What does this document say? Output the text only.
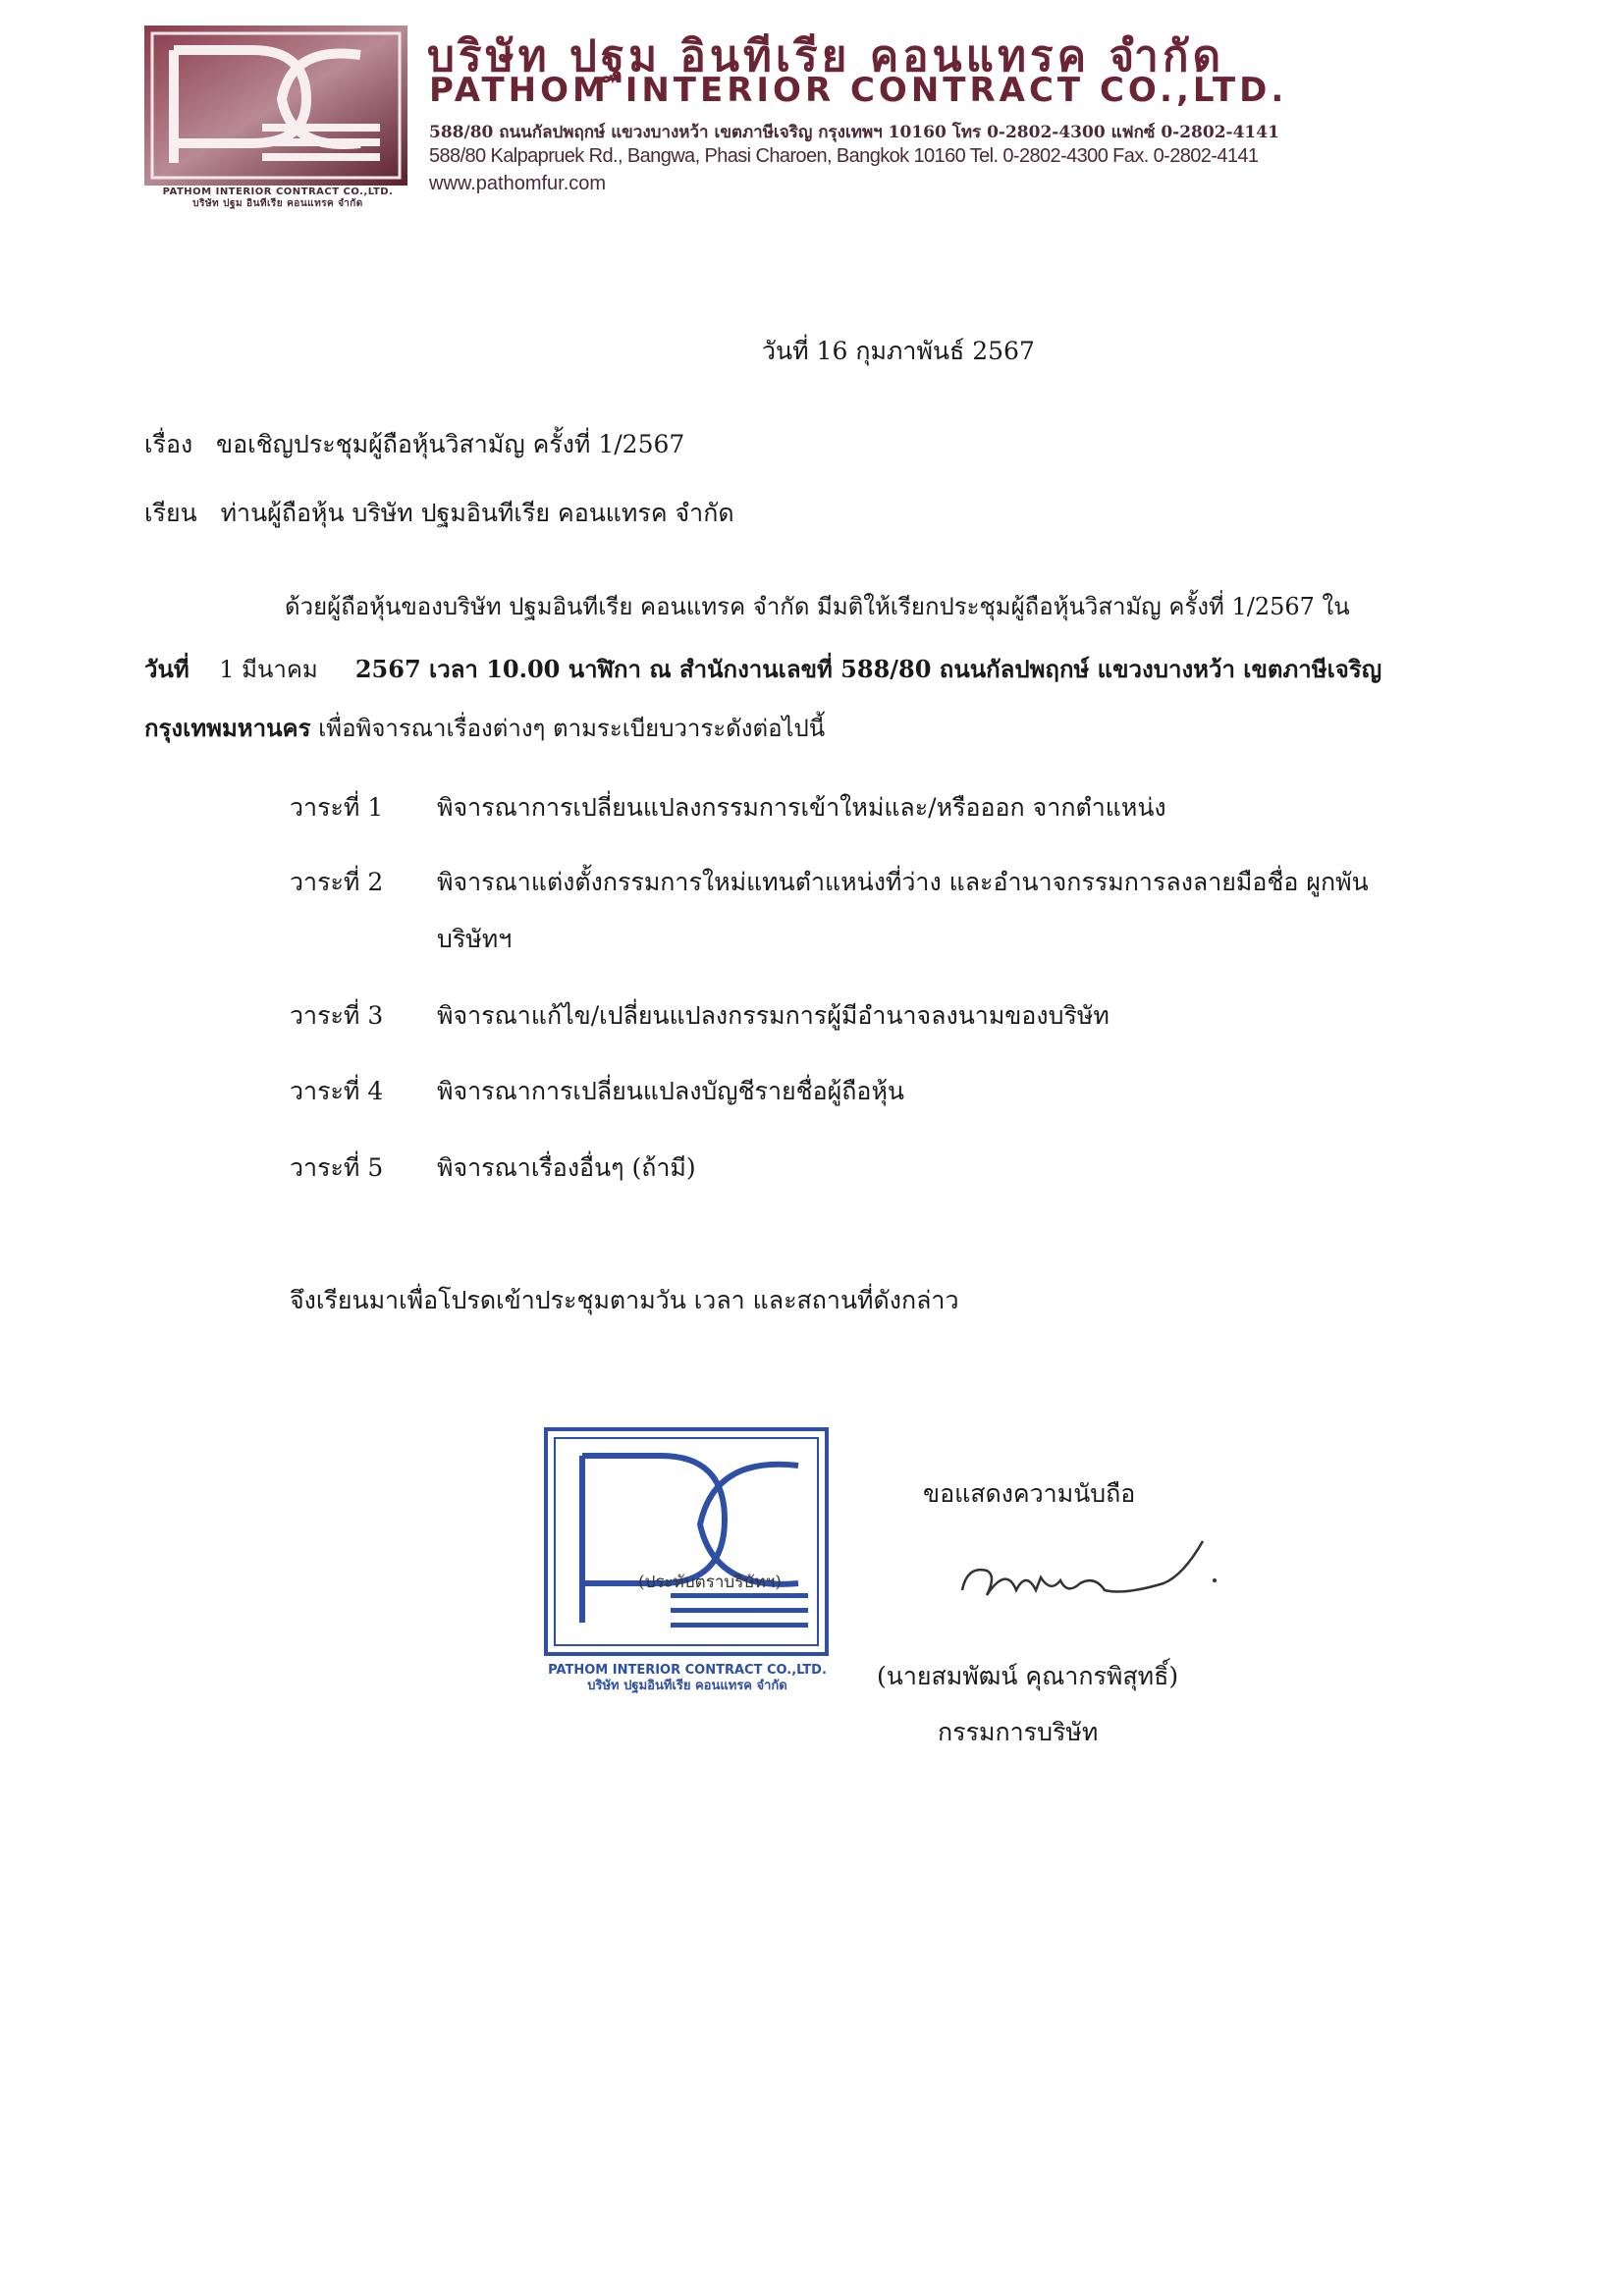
PATHOM INTERIOR CONTRACT CO.,LTD.
บริษัท ปฐม อินทีเรีย คอนแทรค จำกัด
บริษัท ปฐม อินทีเรีย คอนแทรค จำกัด
PATHOM INTERIOR CONTRACT CO.,LTD.
588/80 ถนนกัลปพฤกษ์ แขวงบางหว้า เขตภาษีเจริญ กรุงเทพฯ 10160 โทร 0-2802-4300 แฟกซ์ 0-2802-4141
588/80 Kalpapruek Rd., Bangwa, Phasi Charoen, Bangkok 10160 Tel. 0-2802-4300 Fax. 0-2802-4141
www.pathomfur.com
วันที่ 16 กุมภาพันธ์ 2567
เรื่อง ขอเชิญประชุมผู้ถือหุ้นวิสามัญ ครั้งที่ 1/2567
เรียน ท่านผู้ถือหุ้น บริษัท ปฐมอินทีเรีย คอนแทรค จำกัด
ด้วยผู้ถือหุ้นของบริษัท ปฐมอินทีเรีย คอนแทรค จำกัด มีมติให้เรียกประชุมผู้ถือหุ้นวิสามัญ ครั้งที่ 1/2567 ใน
วันที่ 1 มีนาคม 2567 เวลา 10.00 นาฬิกา ณ สำนักงานเลขที่ 588/80 ถนนกัลปพฤกษ์ แขวงบางหว้า เขตภาษีเจริญ
กรุงเทพมหานคร เพื่อพิจารณาเรื่องต่างๆ ตามระเบียบวาระดังต่อไปนี้
วาระที่ 1 พิจารณาการเปลี่ยนแปลงกรรมการเข้าใหม่และ/หรือออก จากตำแหน่ง
วาระที่ 2 พิจารณาแต่งตั้งกรรมการใหม่แทนตำแหน่งที่ว่าง และอำนาจกรรมการลงลายมือชื่อ ผูกพัน
บริษัทฯ
วาระที่ 3 พิจารณาแก้ไข/เปลี่ยนแปลงกรรมการผู้มีอำนาจลงนามของบริษัท
วาระที่ 4 พิจารณาการเปลี่ยนแปลงบัญชีรายชื่อผู้ถือหุ้น
วาระที่ 5 พิจารณาเรื่องอื่นๆ (ถ้ามี)
จึงเรียนมาเพื่อโปรดเข้าประชุมตามวัน เวลา และสถานที่ดังกล่าว
ขอแสดงความนับถือ
(ประทับตราบริษัทฯ)
PATHOM INTERIOR CONTRACT CO.,LTD.
บริษัท ปฐมอินทีเรีย คอนแทรค จำกัด	(นายสมพัฒน์ คุณากรพิสุทธิ์)
กรรมการบริษัท
